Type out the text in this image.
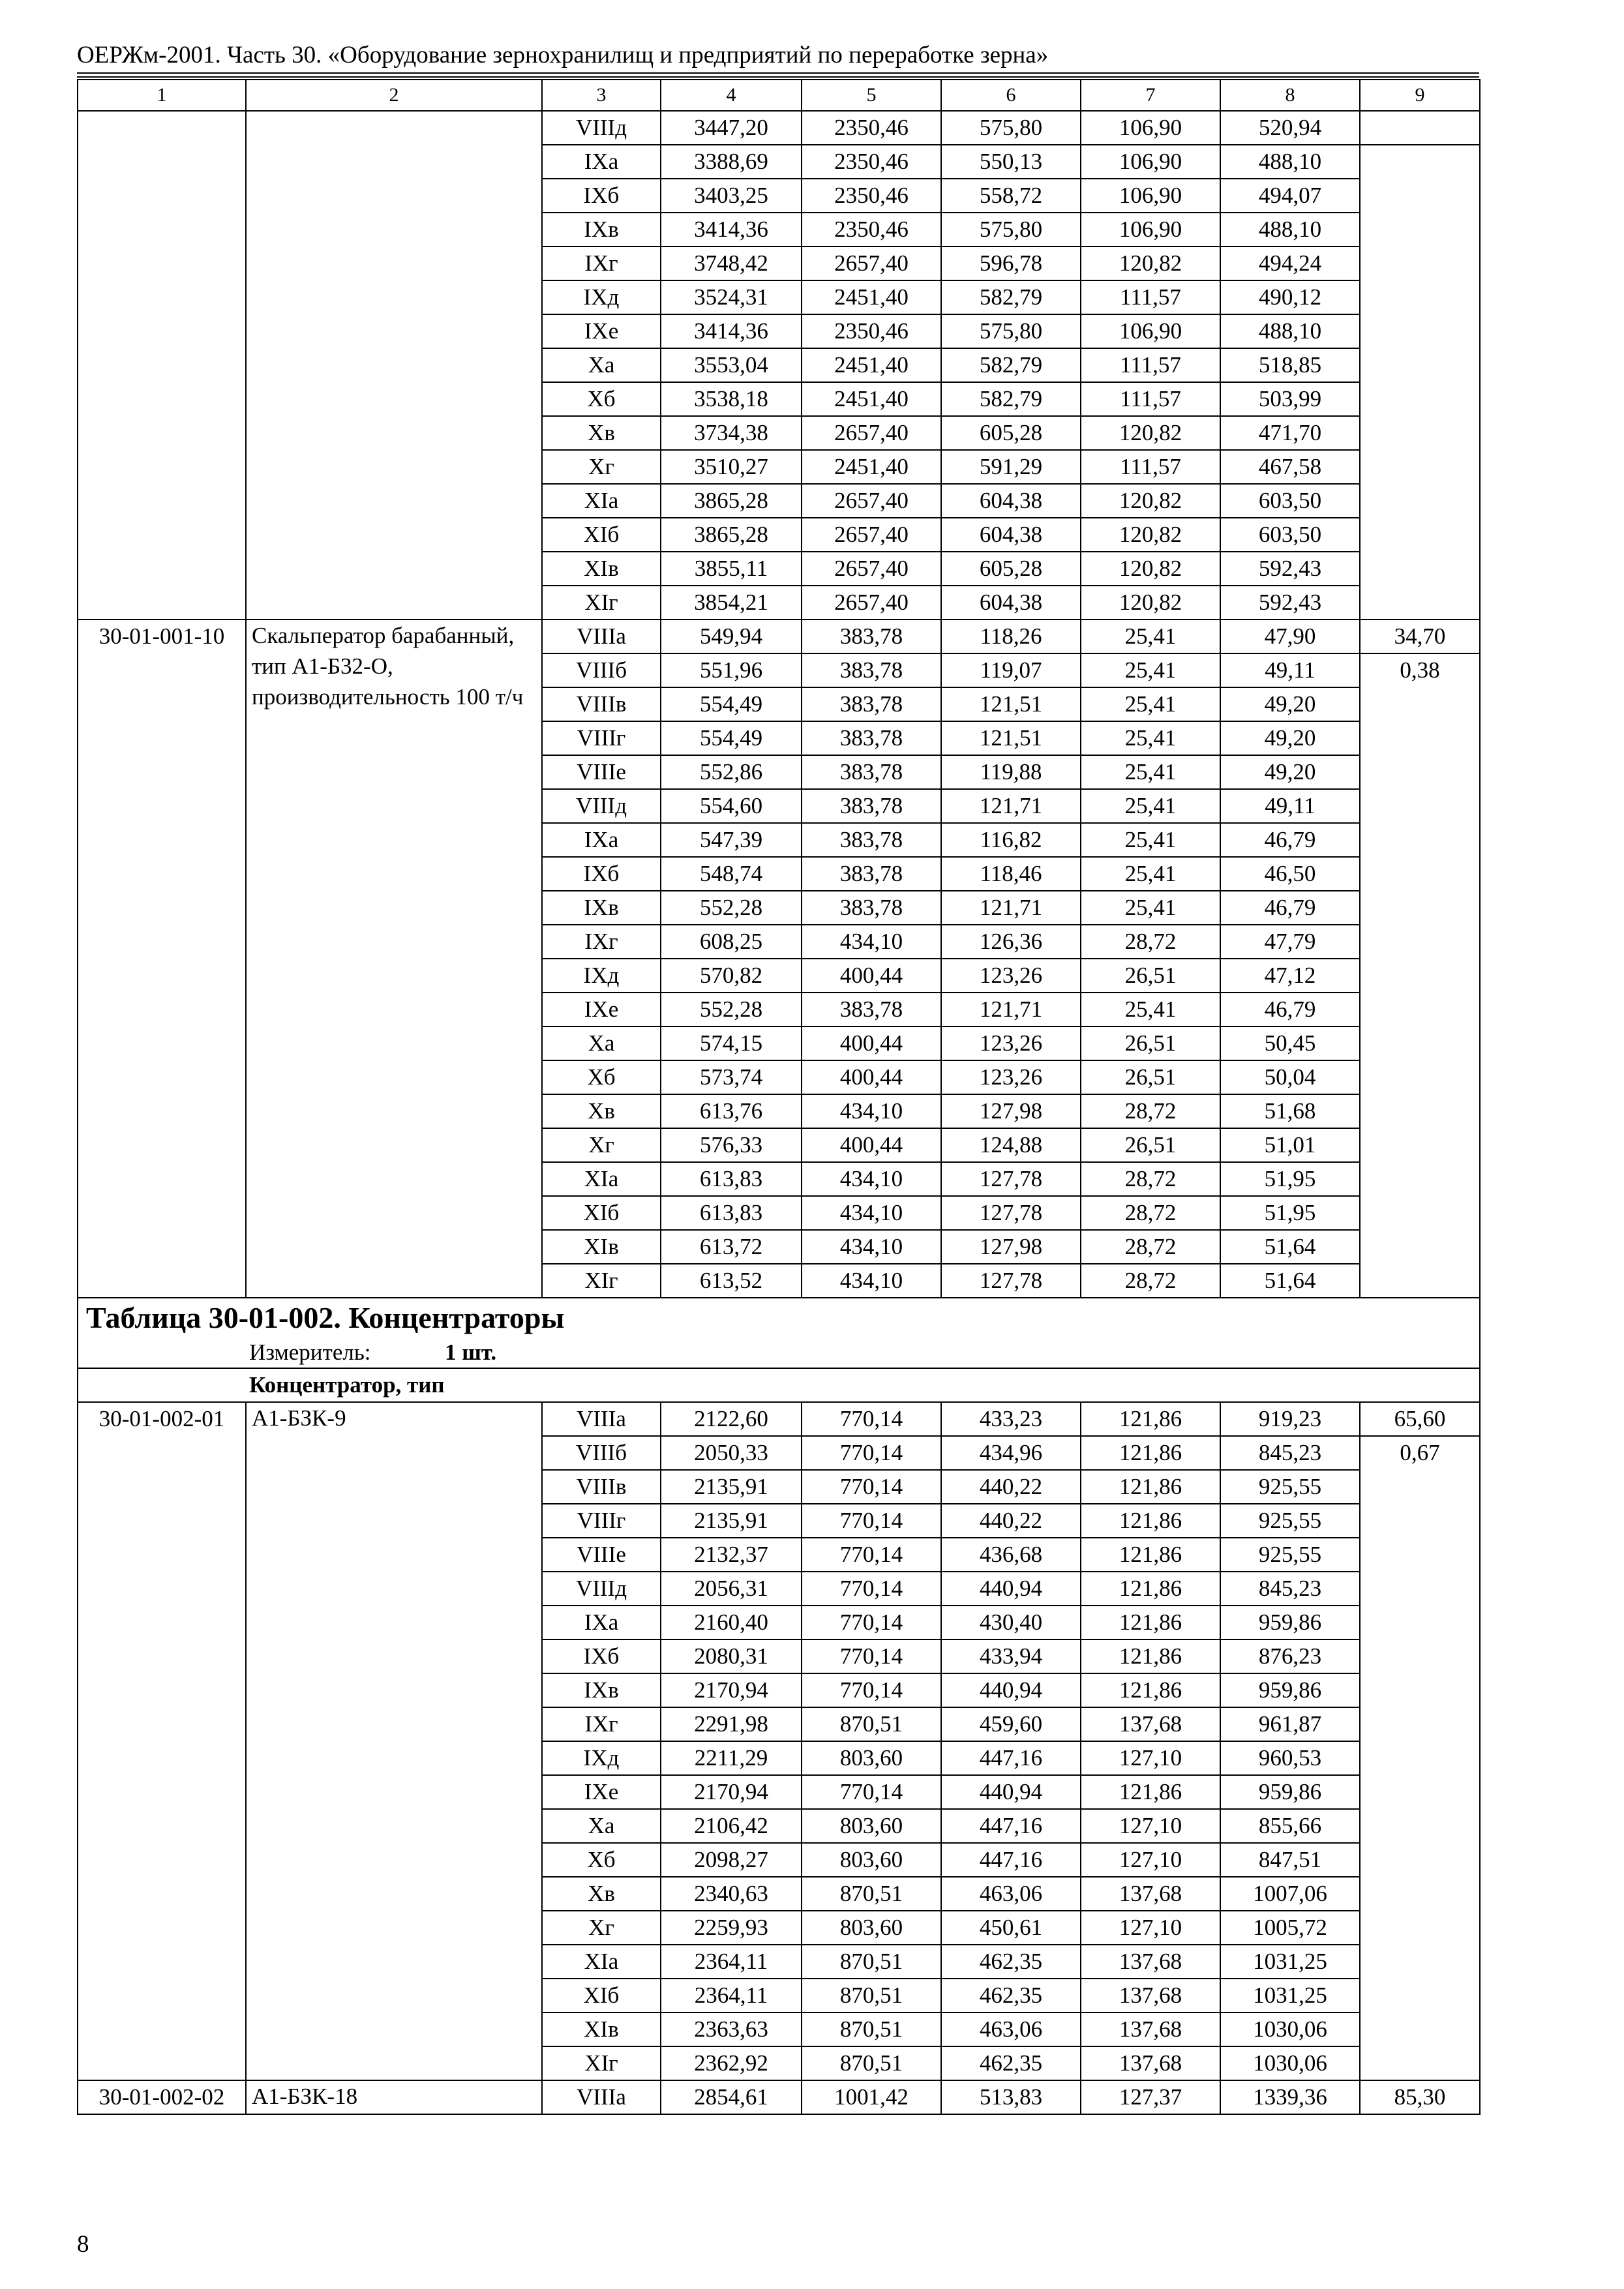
ОЕРЖм-2001. Часть 30. «Оборудование зернохранилищ и предприятий по переработке зерна»
1	2	3	4	5	6	7	8	9
		VIIIд	3447,20	2350,46	575,80	106,90	520,94	
		IXа	3388,69	2350,46	550,13	106,90	488,10	
		IXб	3403,25	2350,46	558,72	106,90	494,07	
		IXв	3414,36	2350,46	575,80	106,90	488,10	
		IXг	3748,42	2657,40	596,78	120,82	494,24	
		IXд	3524,31	2451,40	582,79	111,57	490,12	
		IXе	3414,36	2350,46	575,80	106,90	488,10	
		Xа	3553,04	2451,40	582,79	111,57	518,85	
		Xб	3538,18	2451,40	582,79	111,57	503,99	
		Xв	3734,38	2657,40	605,28	120,82	471,70	
		Xг	3510,27	2451,40	591,29	111,57	467,58	
		XIа	3865,28	2657,40	604,38	120,82	603,50	
		XIб	3865,28	2657,40	604,38	120,82	603,50	
		XIв	3855,11	2657,40	605,28	120,82	592,43	
		XIг	3854,21	2657,40	604,38	120,82	592,43	
30-01-001-10	Скальператор барабанный, тип А1-Б32-О, производительность 100 т/ч	VIIIа	549,94	383,78	118,26	25,41	47,90	34,70
		VIIIб	551,96	383,78	119,07	25,41	49,11	0,38
		VIIIв	554,49	383,78	121,51	25,41	49,20	
		VIIIг	554,49	383,78	121,51	25,41	49,20	
		VIIIе	552,86	383,78	119,88	25,41	49,20	
		VIIIд	554,60	383,78	121,71	25,41	49,11	
		IXа	547,39	383,78	116,82	25,41	46,79	
		IXб	548,74	383,78	118,46	25,41	46,50	
		IXв	552,28	383,78	121,71	25,41	46,79	
		IXг	608,25	434,10	126,36	28,72	47,79	
		IXд	570,82	400,44	123,26	26,51	47,12	
		IXе	552,28	383,78	121,71	25,41	46,79	
		Xа	574,15	400,44	123,26	26,51	50,45	
		Xб	573,74	400,44	123,26	26,51	50,04	
		Xв	613,76	434,10	127,98	28,72	51,68	
		Xг	576,33	400,44	124,88	26,51	51,01	
		XIа	613,83	434,10	127,78	28,72	51,95	
		XIб	613,83	434,10	127,78	28,72	51,95	
		XIв	613,72	434,10	127,98	28,72	51,64	
		XIг	613,52	434,10	127,78	28,72	51,64	
Таблица 30-01-002. Концентраторы								
Измеритель: 1 шт.								
Концентратор, тип								
30-01-002-01	А1-БЗК-9	VIIIа	2122,60	770,14	433,23	121,86	919,23	65,60
		VIIIб	2050,33	770,14	434,96	121,86	845,23	0,67
		VIIIв	2135,91	770,14	440,22	121,86	925,55	
		VIIIг	2135,91	770,14	440,22	121,86	925,55	
		VIIIе	2132,37	770,14	436,68	121,86	925,55	
		VIIIд	2056,31	770,14	440,94	121,86	845,23	
		IXа	2160,40	770,14	430,40	121,86	959,86	
		IXб	2080,31	770,14	433,94	121,86	876,23	
		IXв	2170,94	770,14	440,94	121,86	959,86	
		IXг	2291,98	870,51	459,60	137,68	961,87	
		IXд	2211,29	803,60	447,16	127,10	960,53	
		IXе	2170,94	770,14	440,94	121,86	959,86	
		Xа	2106,42	803,60	447,16	127,10	855,66	
		Xб	2098,27	803,60	447,16	127,10	847,51	
		Xв	2340,63	870,51	463,06	137,68	1007,06	
		Xг	2259,93	803,60	450,61	127,10	1005,72	
		XIа	2364,11	870,51	462,35	137,68	1031,25	
		XIб	2364,11	870,51	462,35	137,68	1031,25	
		XIв	2363,63	870,51	463,06	137,68	1030,06	
		XIг	2362,92	870,51	462,35	137,68	1030,06	
30-01-002-02	А1-БЗК-18	VIIIа	2854,61	1001,42	513,83	127,37	1339,36	85,30
8
